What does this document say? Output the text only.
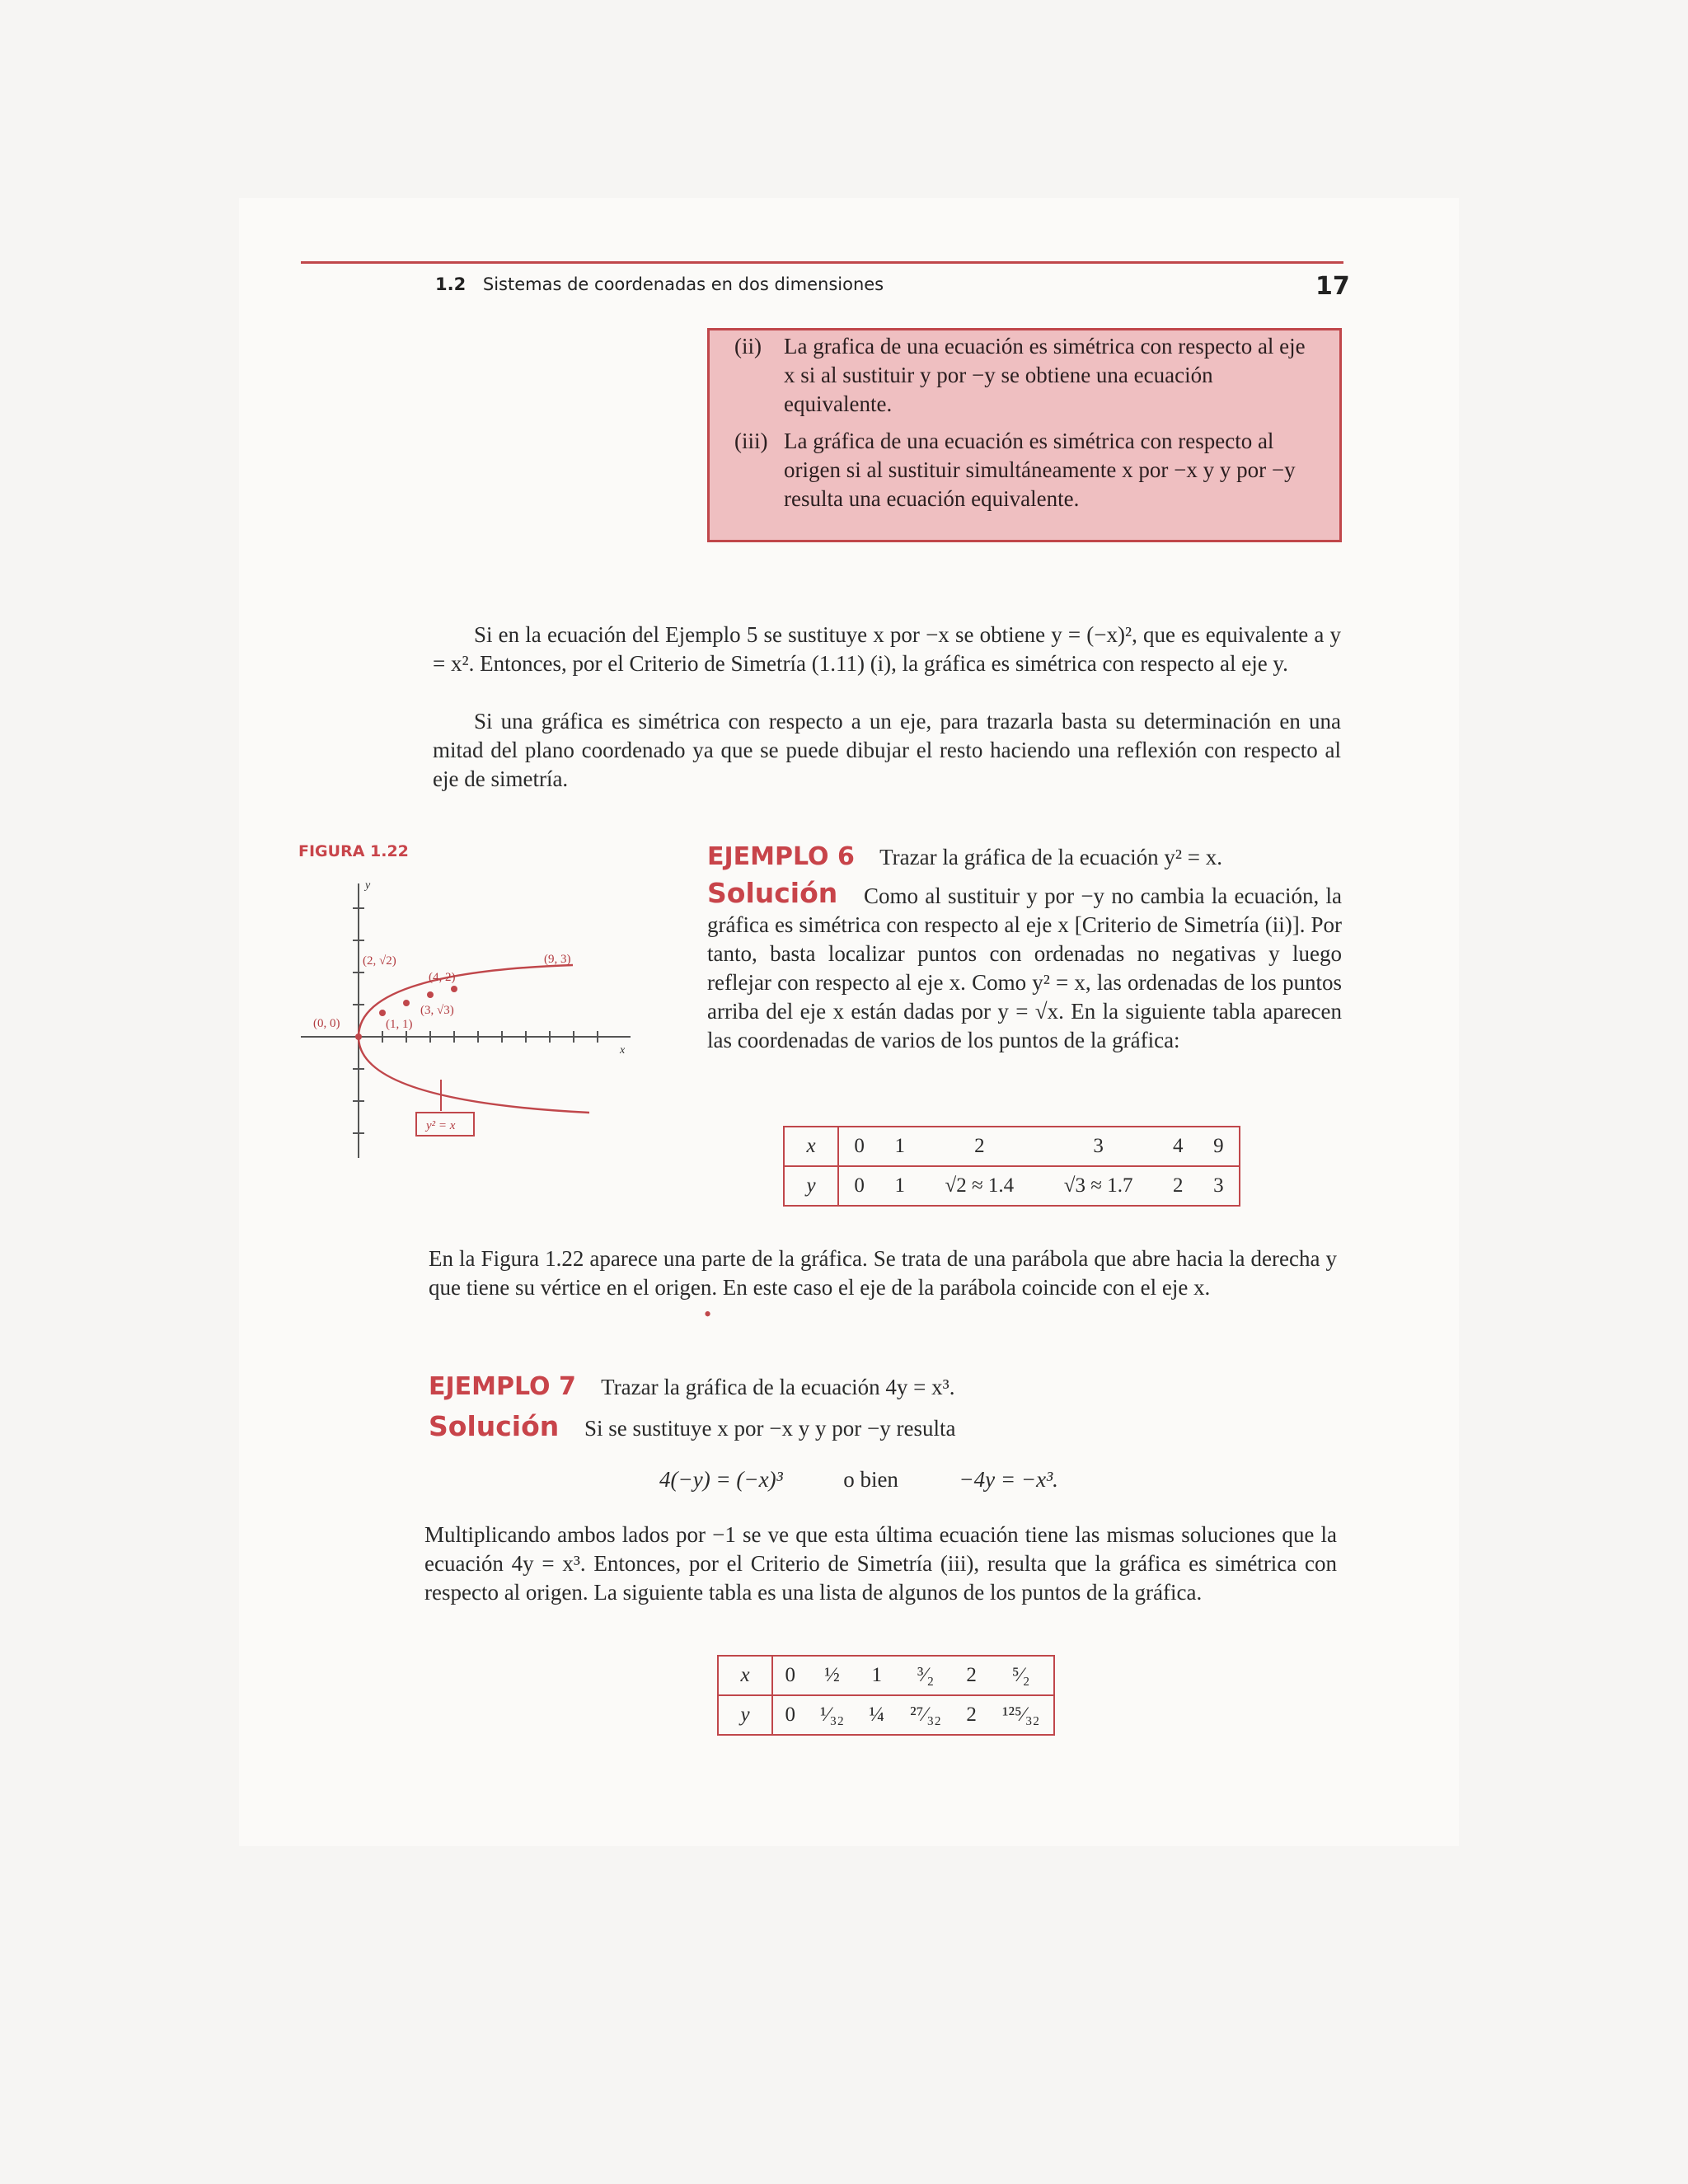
1.2 Sistemas de coordenadas en dos dimensiones	17
(ii) La grafica de una ecuación es simétrica con respecto al eje x si al sustituir y por −y se obtiene una ecuación equivalente.
(iii) La gráfica de una ecuación es simétrica con respecto al origen si al sustituir simultáneamente x por −x y y por −y resulta una ecuación equivalente.
Si en la ecuación del Ejemplo 5 se sustituye x por −x se obtiene y = (−x)², que es equivalente a y = x². Entonces, por el Criterio de Simetría (1.11) (i), la gráfica es simétrica con respecto al eje y.
Si una gráfica es simétrica con respecto a un eje, para trazarla basta su determinación en una mitad del plano coordenado ya que se puede dibujar el resto haciendo una reflexión con respecto al eje de simetría.
FIGURA 1.22
y
x
(0, 0)	(1, 1)
(2, √2)
(3, √3)
(4, 2)
(9, 3)
y² = x
EJEMPLO 6 Trazar la gráfica de la ecuación y² = x.
Como al sustituir y por −y no cambia la ecuación, la gráfica es simétrica con respecto al eje x [Criterio de Simetría (ii)]. Por tanto, basta localizar puntos con ordenadas no negativas y luego reflejar con respecto al eje x. Como y² = x, las ordenadas de los puntos arriba del eje x están dadas por y = √x. En la siguiente tabla aparecen las coordenadas de varios de los puntos de la gráfica:
Solución
x	0	1	2	3	4	9
y	0	1	√2 ≈ 1.4	√3 ≈ 1.7	2	3
En la Figura 1.22 aparece una parte de la gráfica. Se trata de una parábola que abre hacia la derecha y que tiene su vértice en el origen. En este caso el eje de la parábola coincide con el eje x.
•
EJEMPLO 7 Trazar la gráfica de la ecuación 4y = x³.
Solución Si se sustituye x por −x y y por −y resulta
4(−y) = (−x)³	o bien	−4y = −x³.
Multiplicando ambos lados por −1 se ve que esta última ecuación tiene las mismas soluciones que la ecuación 4y = x³. Entonces, por el Criterio de Simetría (iii), resulta que la gráfica es simétrica con respecto al origen. La siguiente tabla es una lista de algunos de los puntos de la gráfica.
x	0	½	1	³⁄₂	2	⁵⁄₂
y	0	¹⁄₃₂	¼	²⁷⁄₃₂	2	¹²⁵⁄₃₂
